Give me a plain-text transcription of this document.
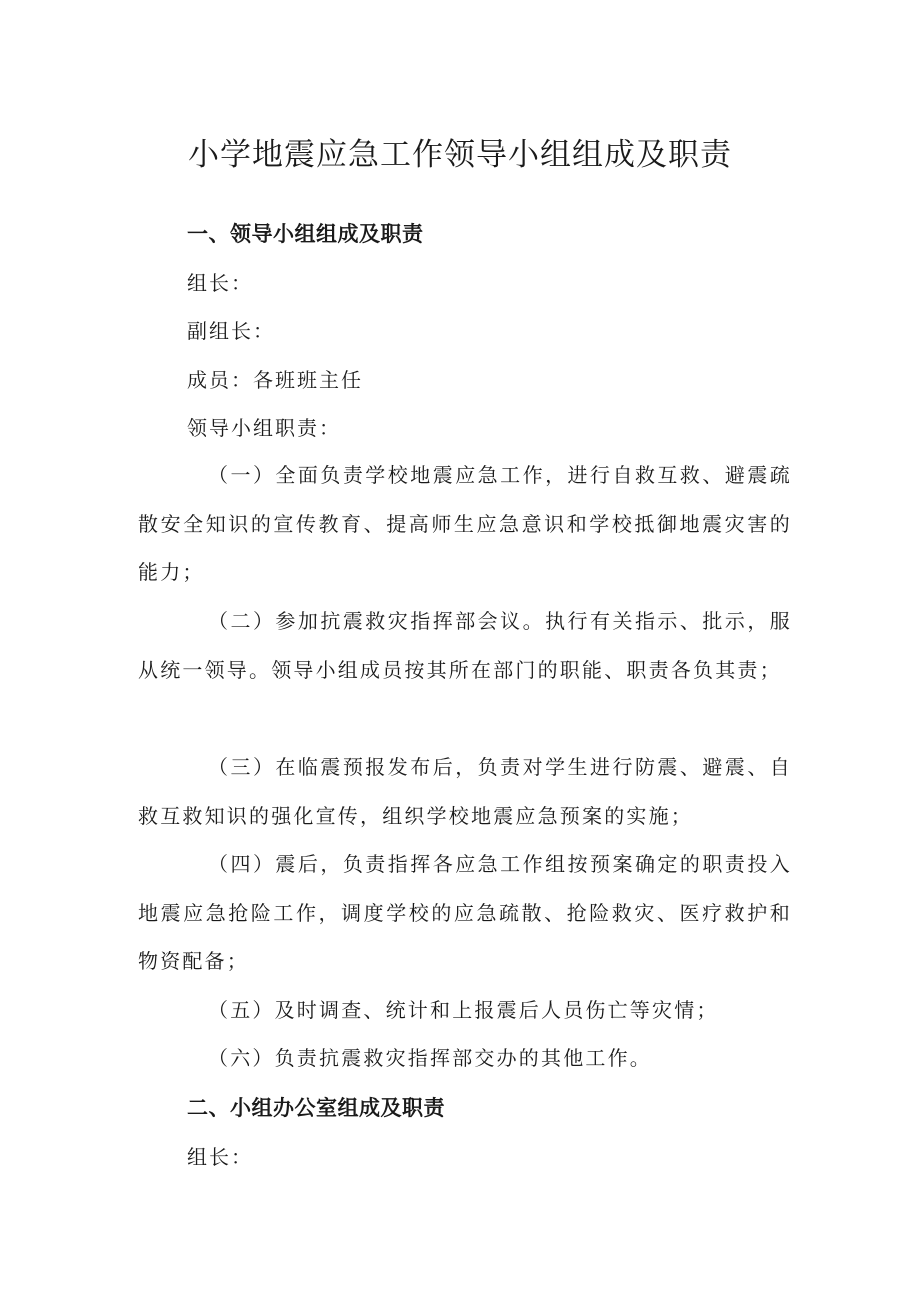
小学地震应急工作领导小组组成及职责
一、领导小组组成及职责
组长：
副组长：
成员：各班班主任
领导小组职责：
（一）全面负责学校地震应急工作，进行自救互救、避震疏散安全知识的宣传教育、提高师生应急意识和学校抵御地震灾害的能力；
（二）参加抗震救灾指挥部会议。执行有关指示、批示，服从统一领导。领导小组成员按其所在部门的职能、职责各负其责；
（三）在临震预报发布后，负责对学生进行防震、避震、自救互救知识的强化宣传，组织学校地震应急预案的实施；
（四）震后，负责指挥各应急工作组按预案确定的职责投入地震应急抢险工作，调度学校的应急疏散、抢险救灾、医疗救护和物资配备；
（五）及时调查、统计和上报震后人员伤亡等灾情；
（六）负责抗震救灾指挥部交办的其他工作。
二、小组办公室组成及职责
组长：
